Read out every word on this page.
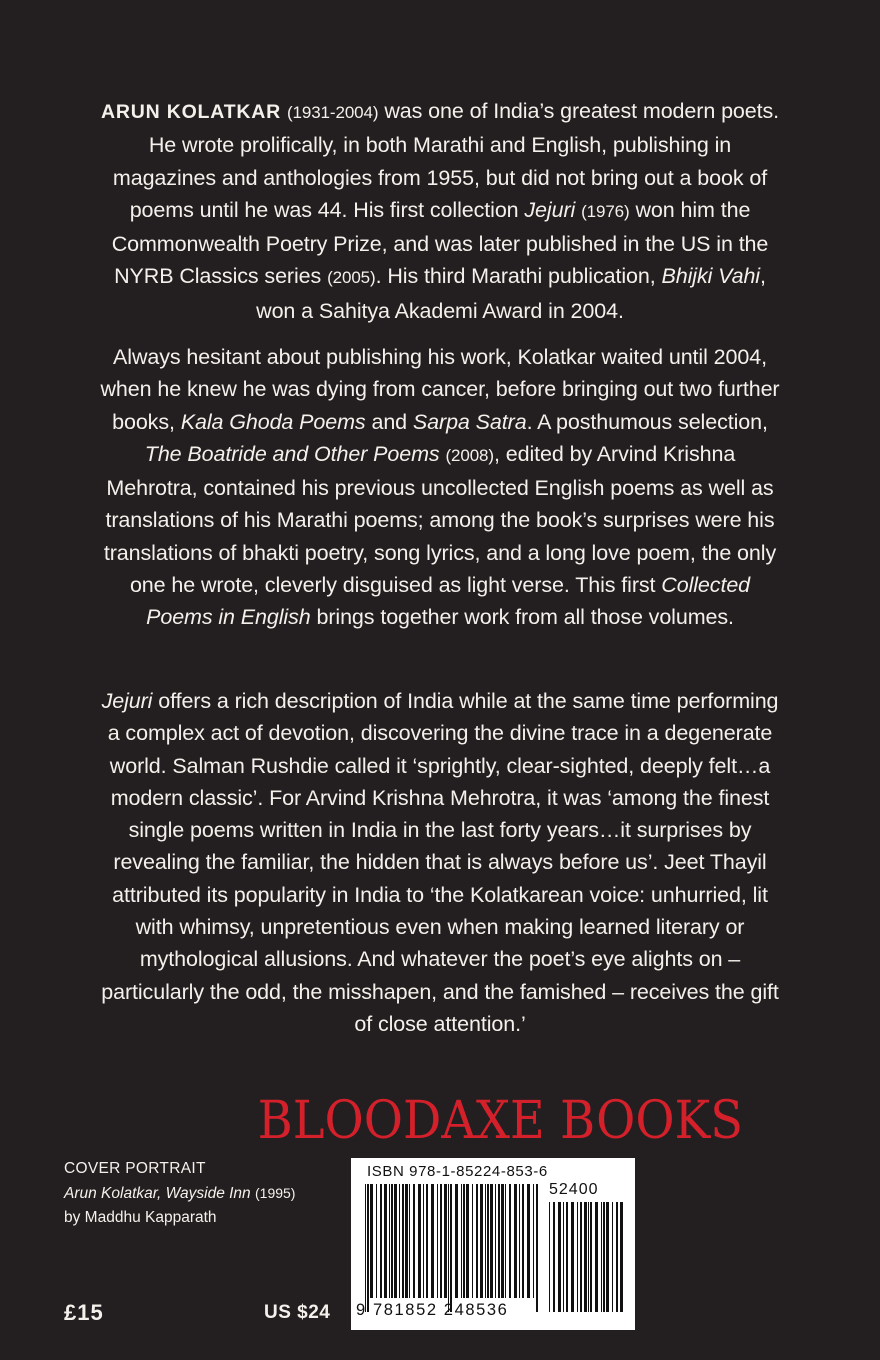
ARUN KOLATKAR (1931-2004) was one of India’s greatest modern poets. He wrote prolifically, in both Marathi and English, publishing in magazines and anthologies from 1955, but did not bring out a book of poems until he was 44. His first collection Jejuri (1976) won him the Commonwealth Poetry Prize, and was later published in the US in the NYRB Classics series (2005). His third Marathi publication, Bhijki Vahi, won a Sahitya Akademi Award in 2004.

Always hesitant about publishing his work, Kolatkar waited until 2004, when he knew he was dying from cancer, before bringing out two further books, Kala Ghoda Poems and Sarpa Satra. A posthumous selection, The Boatride and Other Poems (2008), edited by Arvind Krishna Mehrotra, contained his previous uncollected English poems as well as translations of his Marathi poems; among the book’s surprises were his translations of bhakti poetry, song lyrics, and a long love poem, the only one he wrote, cleverly disguised as light verse. This first Collected Poems in English brings together work from all those volumes.

Jejuri offers a rich description of India while at the same time performing a complex act of devotion, discovering the divine trace in a degenerate world. Salman Rushdie called it ‘sprightly, clear-sighted, deeply felt…a modern classic’. For Arvind Krishna Mehrotra, it was ‘among the finest single poems written in India in the last forty years…it surprises by revealing the familiar, the hidden that is always before us’. Jeet Thayil attributed its popularity in India to ‘the Kolatkarean voice: unhurried, lit with whimsy, unpretentious even when making learned literary or mythological allusions. And whatever the poet’s eye alights on – particularly the odd, the misshapen, and the famished – receives the gift of close attention.’

BLOODAXE BOOKS
COVER PORTRAIT
Arun Kolatkar, Wayside Inn (1995)
by Maddhu Kapparath
£15	US $24
ISBN 978-1-85224-853-6
52400
9 781852 248536
